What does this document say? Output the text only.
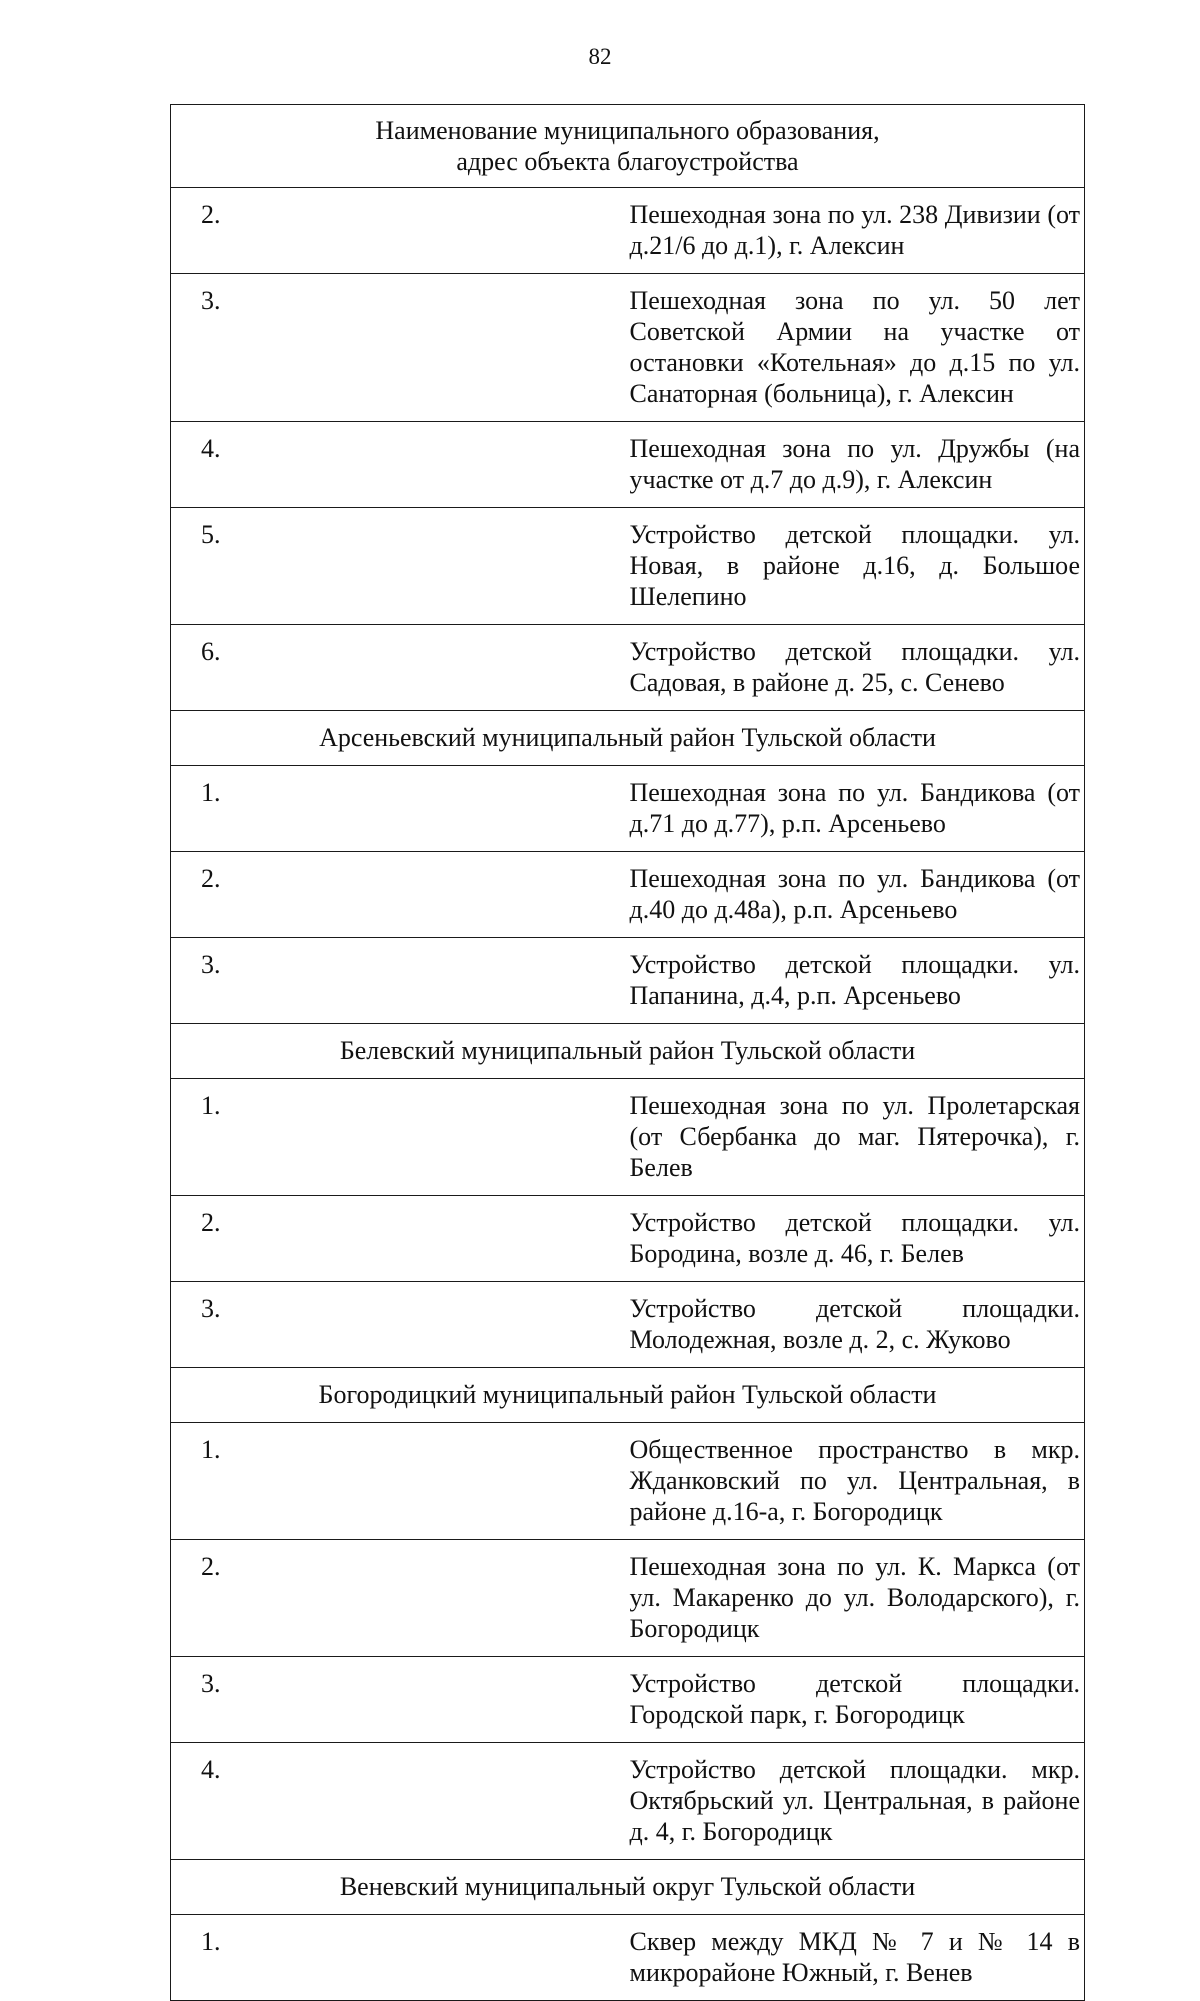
82
Наименование муниципального образования,
адрес объекта благоустройства	

2.	Пешеходная зона по ул. 238 Дивизии (от д.21/6 до д.1), г. Алексин
3.	Пешеходная зона по ул. 50 лет Советской Армии на участке от остановки «Котельная» до д.15 по ул. Санаторная (больница), г. Алексин
4.	Пешеходная зона по ул. Дружбы (на участке от д.7 до д.9), г. Алексин
5.	Устройство детской площадки. ул. Новая, в районе д.16, д. Большое Шелепино
6.	Устройство детской площадки. ул. Садовая, в районе д. 25, с. Сенево
Арсеньевский муниципальный район Тульской области	
1.	Пешеходная зона по ул. Бандикова (от д.71 до д.77), р.п. Арсеньево
2.	Пешеходная зона по ул. Бандикова (от д.40 до д.48а), р.п. Арсеньево
3.	Устройство детской площадки. ул. Папанина, д.4, р.п. Арсеньево
Белевский муниципальный район Тульской области	
1.	Пешеходная зона по ул. Пролетарская (от Сбербанка до маг. Пятерочка), г. Белев
2.	Устройство детской площадки. ул. Бородина, возле д. 46, г. Белев
3.	Устройство детской площадки. Молодежная, возле д. 2, с. Жуково
Богородицкий муниципальный район Тульской области	
1.	Общественное пространство в мкр. Жданковский по ул. Центральная, в районе д.16-а, г. Богородицк
2.	Пешеходная зона по ул. К. Маркса (от ул. Макаренко до ул. Володарского), г. Богородицк
3.	Устройство детской площадки. Городской парк, г. Богородицк
4.	Устройство детской площадки. мкр. Октябрьский ул. Центральная, в районе д. 4, г. Богородицк
Веневский муниципальный округ Тульской области	
1.	Сквер между МКД № 7 и № 14 в микрорайоне Южный, г. Венев
